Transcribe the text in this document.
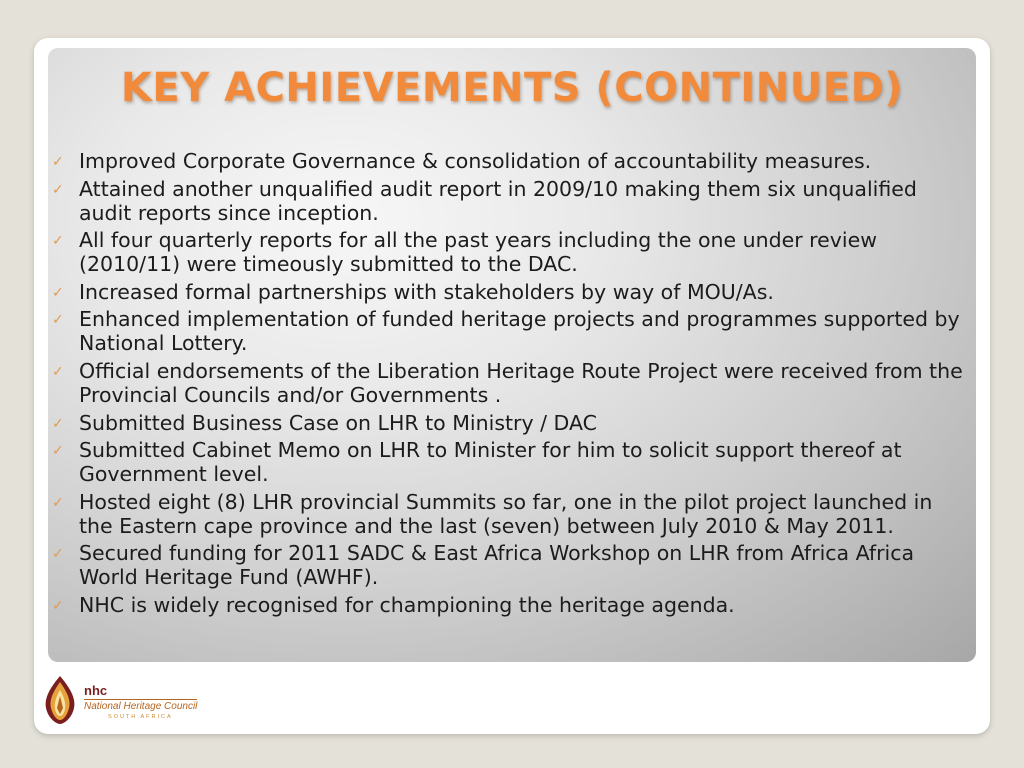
KEY ACHIEVEMENTS (CONTINUED)
✓ Improved Corporate Governance & consolidation of accountability measures.
✓ Attained another unqualified audit report in 2009/10 making them six unqualified audit reports since inception.
✓ All four quarterly reports for all the past years including the one under review (2010/11) were timeously submitted to the DAC.
✓ Increased formal partnerships with stakeholders by way of MOU/As.
✓ Enhanced implementation of funded heritage projects and programmes supported by National Lottery.
✓ Official endorsements of the Liberation Heritage Route Project were received from the Provincial Councils and/or Governments .
✓ Submitted Business Case on LHR to Ministry / DAC
✓ Submitted Cabinet Memo on LHR to Minister for him to solicit support thereof at Government level.
✓ Hosted eight (8) LHR provincial Summits so far, one in the pilot project launched in the Eastern cape province and the last (seven) between July 2010 & May 2011.
✓ Secured funding for 2011 SADC & East Africa Workshop on LHR from Africa Africa World Heritage Fund (AWHF).
✓ NHC is widely recognised for championing the heritage agenda.
nhc
National Heritage Council
SOUTH AFRICA
